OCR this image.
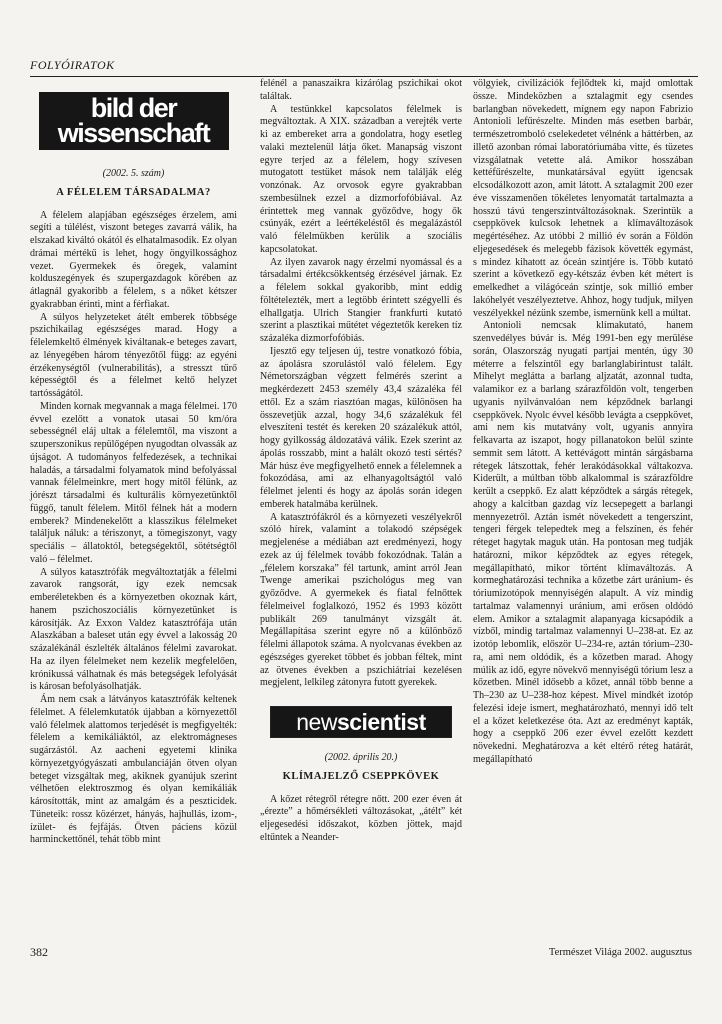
FOLYÓIRATOK
bild der
wissenschaft
(2002. 5. szám)
A FÉLELEM TÁRSADALMA?

A félelem alapjában egészséges érzelem, ami segíti a túlélést, viszont beteges zavarrá válik, ha elszakad kiváltó okától és elhatalmasodik. Ez olyan drámai mértékű is lehet, hogy öngyilkossághoz vezet. Gyermekek és öregek, valamint kolduszegények és szupergazdagok körében az átlagnál gyakoribb a félelem, s a nőket kétszer gyakrabban érinti, mint a férfiakat.

A súlyos helyzeteket átélt emberek többsége pszichikailag egészséges marad. Hogy a félelemkeltő élmények kiváltanak-e beteges zavart, az lényegében három tényezőtől függ: az egyéni érzékenységtől (vulnerabilitás), a stresszt tűrő képességtől és a félelmet keltő helyzet tartósságától.

Minden kornak megvannak a maga félelmei. 170 évvel ezelőtt a vonatok utasai 50 km/óra sebességnél eláj ultak a félelemtől, ma viszont a szuperszonikus repülőgépen nyugodtan olvassák az újságot. A tudományos felfedezések, a technikai haladás, a társadalmi folyamatok mind befolyással vannak félelmeinkre, mert hogy mitől félünk, az jórészt társadalmi és kulturális környezetünktől függő, tanult félelem. Mitől félnek hát a modern emberek? Mindenekelőtt a klasszikus félelmeket találjuk náluk: a tériszonyt, a tömegiszonyt, vagy speciális – állatoktól, betegségektől, sötétségtől való – félelmet.

A súlyos katasztrófák megváltoztatják a félelmi zavarok rangsorát, így ezek nemcsak emberéletekben és a környezetben okoznak kárt, hanem pszichoszociális környezetünket is károsítják. Az Exxon Valdez katasztrófája után Alaszkában a baleset után egy évvel a lakosság 20 százalékánál észlelték általános félelmi zavarokat. Ha az ilyen félelmeket nem kezelik megfelelően, krónikussá válhatnak és más betegségek lefolyását is károsan befolyásolhatják.

Ám nem csak a látványos katasztrófák keltenek félelmet. A félelemkutatók újabban a környezettől való félelmek alattomos terjedését is megfigyelték: félelem a kemikáliáktól, az elektromágneses sugárzástól. Az aacheni egyetemi klinika környezetgyógyászati ambulanciáján ötven olyan beteget vizsgáltak meg, akiknek gyanújuk szerint vélhetően elektroszmog és olyan kemikáliák károsították, mint az amalgám és a peszticidek. Tüneteik: rossz közérzet, hányás, hajhullás, izom-, ízület- és fejfájás. Ötven páciens közül harminckettőnél, tehát több mint

felénél a panaszaikra kizárólag pszichikai okot találtak.

A testünkkel kapcsolatos félelmek is megváltoztak. A XIX. században a verejték verte ki az embereket arra a gondolatra, hogy esetleg valaki meztelenül látja őket. Manapság viszont egyre terjed az a félelem, hogy szívesen mutogatott testüket mások nem találják elég vonzónak. Az orvosok egyre gyakrabban szembesülnek ezzel a dizmorfofóbiával. Az érintettek meg vannak győződve, hogy ők csúnyák, ezért a leértékeléstől és megalázástól való félelmükben kerülik a szociális kapcsolatokat.

Az ilyen zavarok nagy érzelmi nyomással és a társadalmi értékcsökkentség érzésével járnak. Ez a félelem sokkal gyakoribb, mint eddig föltételezték, mert a legtöbb érintett szégyelli és elhallgatja. Ulrich Stangier frankfurti kutató szerint a plasztikai műtétet végeztetők kereken tíz százaléka dizmorfofóbiás.

Ijesztő egy teljesen új, testre vonatkozó fóbia, az ápolásra szorulástól való félelem. Egy Németországban végzett felmérés szerint a megkérdezett 2453 személy 43,4 százaléka fél ettől. Ez a szám riasztóan magas, különösen ha összevetjük azzal, hogy 34,6 százalékuk fél elveszíteni testét és kereken 20 százalékuk attól, hogy gyilkosság áldozatává válik. Ezek szerint az ápolás rosszabb, mint a halált okozó testi sértés? Már húsz éve megfigyelhető ennek a félelemnek a fokozódása, ami az elhanyagoltságtól való félelmet jelenti és hogy az ápolás során idegen emberek hatalmába kerülnek.

A katasztrófákról és a környezeti veszélyekről szóló hírek, valamint a tolakodó szépségek megjelenése a médiában azt eredményezi, hogy ezek az új félelmek tovább fokozódnak. Talán a „félelem korszaka” fél tartunk, amint arról Jean Twenge amerikai pszichológus meg van győződve. A gyermekek és fiatal felnőttek félelmeivel foglalkozó, 1952 és 1993 között publikált 269 tanulmányt vizsgált át. Megállapítása szerint egyre nő a különböző félelmi állapotok száma. A nyolcvanas években az egészséges gyereket többet és jobban féltek, mint az ötvenes években a pszichiátriai kezelésen megjelent, lelkileg zátonyra futott gyerekek.

new scientist
(2002. április 20.)
KLÍMAJELZŐ CSEPPKÖVEK

A kőzet rétegről rétegre nőtt. 200 ezer éven át „érezte” a hőmérsékleti változásokat, „átélt” két eljegesedési időszakot, közben jöttek, majd eltűntek a Neander-

völgyiek, civilizációk fejlődtek ki, majd omlottak össze. Mindeközben a sztalagmit egy csendes barlangban növekedett, mígnem egy napon Fabrizio Antonioli lefűrészelte. Minden más esetben barbár, természetromboló cselekedetet vélnénk a háttérben, az illető azonban római laboratóriumába vitte, és tüzetes vizsgálatnak vetette alá. Amikor hosszában kettéfűrészelte, munkatársával együtt igencsak elcsodálkozott azon, amit látott. A sztalagmit 200 ezer éve visszamenően tökéletes lenyomatát tartalmazta a hosszú távú tengerszintváltozásoknak. Szerintük a cseppkövek kulcsok lehetnek a klímaváltozások megértéséhez. Az utóbbi 2 millió év során a Földön eljegesedések és melegebb fázisok követték egymást, s mindez kihatott az óceán szintjére is. Több kutató szerint a következő egy-kétszáz évben két métert is emelkedhet a világóceán szintje, sok millió ember lakóhelyét veszélyeztetve. Ahhoz, hogy tudjuk, milyen veszélyekkel nézünk szembe, ismernünk kell a múltat.

Antonioli nemcsak klímakutató, hanem szenvedélyes búvár is. Még 1991-ben egy merülése során, Olaszország nyugati partjai mentén, úgy 30 méterre a felszíntől egy barlanglabirintust talált. Mihelyt meglátta a barlang aljzatát, azonnal tudta, valamikor ez a barlang szárazföldön volt, tengerben ugyanis nyilvánvalóan nem képződnek barlangi cseppkövek. Nyolc évvel később levágta a cseppkövet, ami nem kis mutatvány volt, ugyanis annyira felkavarta az iszapot, hogy pillanatokon belül szinte semmit sem látott. A kettévágott mintán sárgásbarna rétegek látszottak, fehér lerakódásokkal váltakozva. Kiderült, a múltban több alkalommal is szárazföldre került a cseppkő. Ez alatt képződtek a sárgás rétegek, ahogy a kalcitban gazdag víz lecsepegett a barlangi mennyezetről. Aztán ismét növekedett a tengerszint, tengeri férgek telepedtek meg a felszínen, és fehér réteget hagytak maguk után. Ha pontosan meg tudják határozni, mikor képződtek az egyes rétegek, megállapítható, mikor történt klímaváltozás. A kormeghatározási technika a kőzetbe zárt uránium- és tóriumizotópok mennyiségén alapult. A víz mindig tartalmaz valamennyi uránium, ami erősen oldódó elem. Amikor a sztalagmit alapanyaga kicsapódik a vízből, mindig tartalmaz valamennyi U–238-at. Ez az izotóp lebomlik, először U–234-re, aztán tórium–230-ra, ami nem oldódik, és a kőzetben marad. Ahogy múlik az idő, egyre növekvő mennyiségű tórium lesz a kőzetben. Minél idősebb a kőzet, annál több benne a Th–230 az U–238-hoz képest. Mivel mindkét izotóp felezési ideje ismert, meghatározható, mennyi idő telt el a kőzet keletkezése óta. Azt az eredményt kapták, hogy a cseppkő 206 ezer évvel ezelőtt kezdett növekedni. Meghatározva a két eltérő réteg határát, megállapítható

382	Természet Világa 2002. augusztus
